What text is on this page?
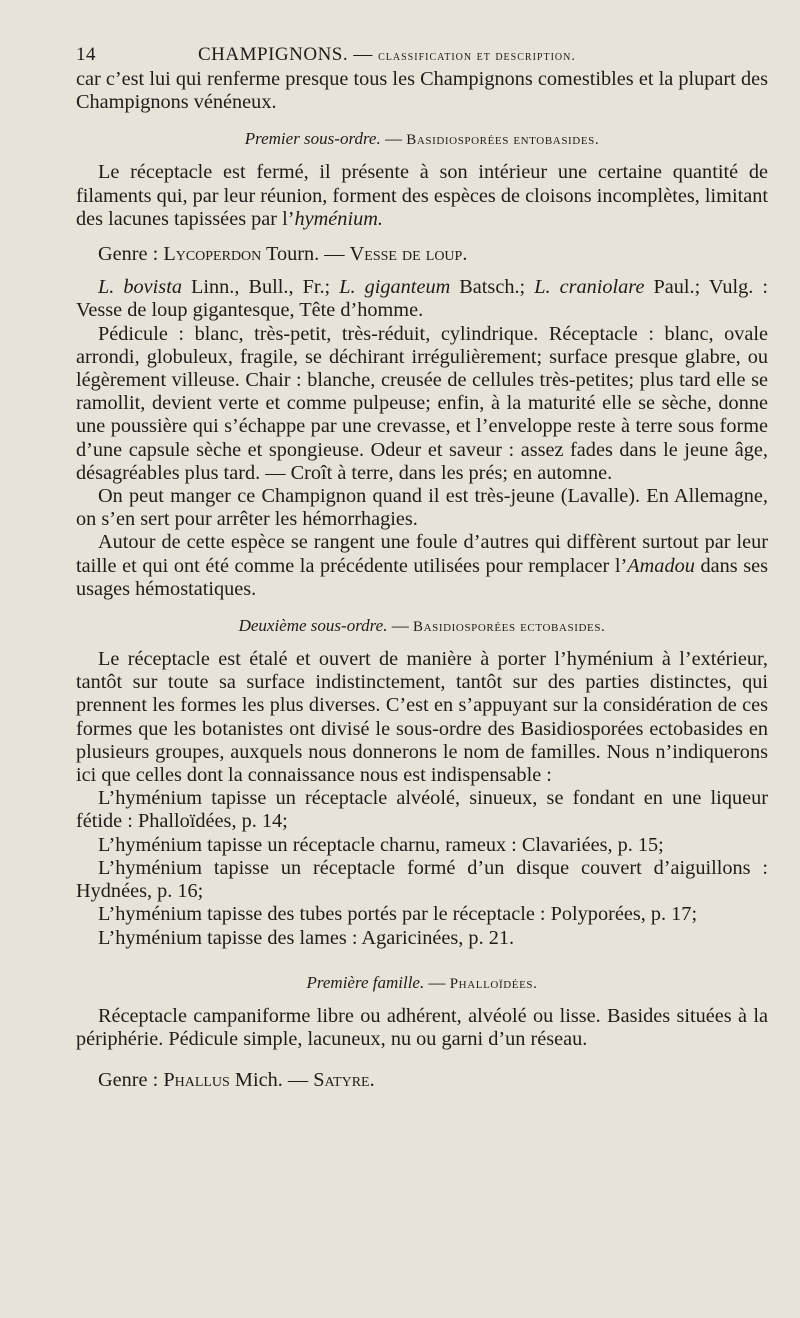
14	CHAMPIGNONS. — classification et description.

car c’est lui qui renferme presque tous les Champignons comestibles et la plupart des Champignons vénéneux.

Premier sous-ordre. — Basidiosporées entobasides.

Le réceptacle est fermé, il présente à son intérieur une certaine quantité de filaments qui, par leur réunion, forment des espèces de cloisons incomplètes, limitant des lacunes tapissées par l’hyménium.

Genre : Lycoperdon Tourn. — Vesse de loup.

L. bovista Linn., Bull., Fr.; L. giganteum Batsch.; L. craniolare Paul.; Vulg. : Vesse de loup gigantesque, Tête d’homme.

Pédicule : blanc, très-petit, très-réduit, cylindrique. Réceptacle : blanc, ovale arrondi, globuleux, fragile, se déchirant irrégulièrement; surface presque glabre, ou légèrement villeuse. Chair : blanche, creusée de cellules très-petites; plus tard elle se ramollit, devient verte et comme pulpeuse; enfin, à la maturité elle se sèche, donne une poussière qui s’échappe par une crevasse, et l’enveloppe reste à terre sous forme d’une capsule sèche et spongieuse. Odeur et saveur : assez fades dans le jeune âge, désagréables plus tard. — Croît à terre, dans les prés; en automne.

On peut manger ce Champignon quand il est très-jeune (Lavalle). En Allemagne, on s’en sert pour arrêter les hémorrhagies.

Autour de cette espèce se rangent une foule d’autres qui diffèrent surtout par leur taille et qui ont été comme la précédente utilisées pour remplacer l’Amadou dans ses usages hémostatiques.

Deuxième sous-ordre. — Basidiosporées ectobasides.

Le réceptacle est étalé et ouvert de manière à porter l’hyménium à l’extérieur, tantôt sur toute sa surface indistinctement, tantôt sur des parties distinctes, qui prennent les formes les plus diverses. C’est en s’appuyant sur la considération de ces formes que les botanistes ont divisé le sous-ordre des Basidiosporées ectobasides en plusieurs groupes, auxquels nous donnerons le nom de familles. Nous n’indiquerons ici que celles dont la connaissance nous est indispensable :

L’hyménium tapisse un réceptacle alvéolé, sinueux, se fondant en une liqueur fétide : Phalloïdées, p. 14;

L’hyménium tapisse un réceptacle charnu, rameux : Clavariées, p. 15;

L’hyménium tapisse un réceptacle formé d’un disque couvert d’aiguillons : Hydnées, p. 16;

L’hyménium tapisse des tubes portés par le réceptacle : Polyporées, p. 17;

L’hyménium tapisse des lames : Agaricinées, p. 21.

Première famille. — Phalloïdées.

Réceptacle campaniforme libre ou adhérent, alvéolé ou lisse. Basides situées à la périphérie. Pédicule simple, lacuneux, nu ou garni d’un réseau.

Genre : Phallus Mich. — Satyre.
